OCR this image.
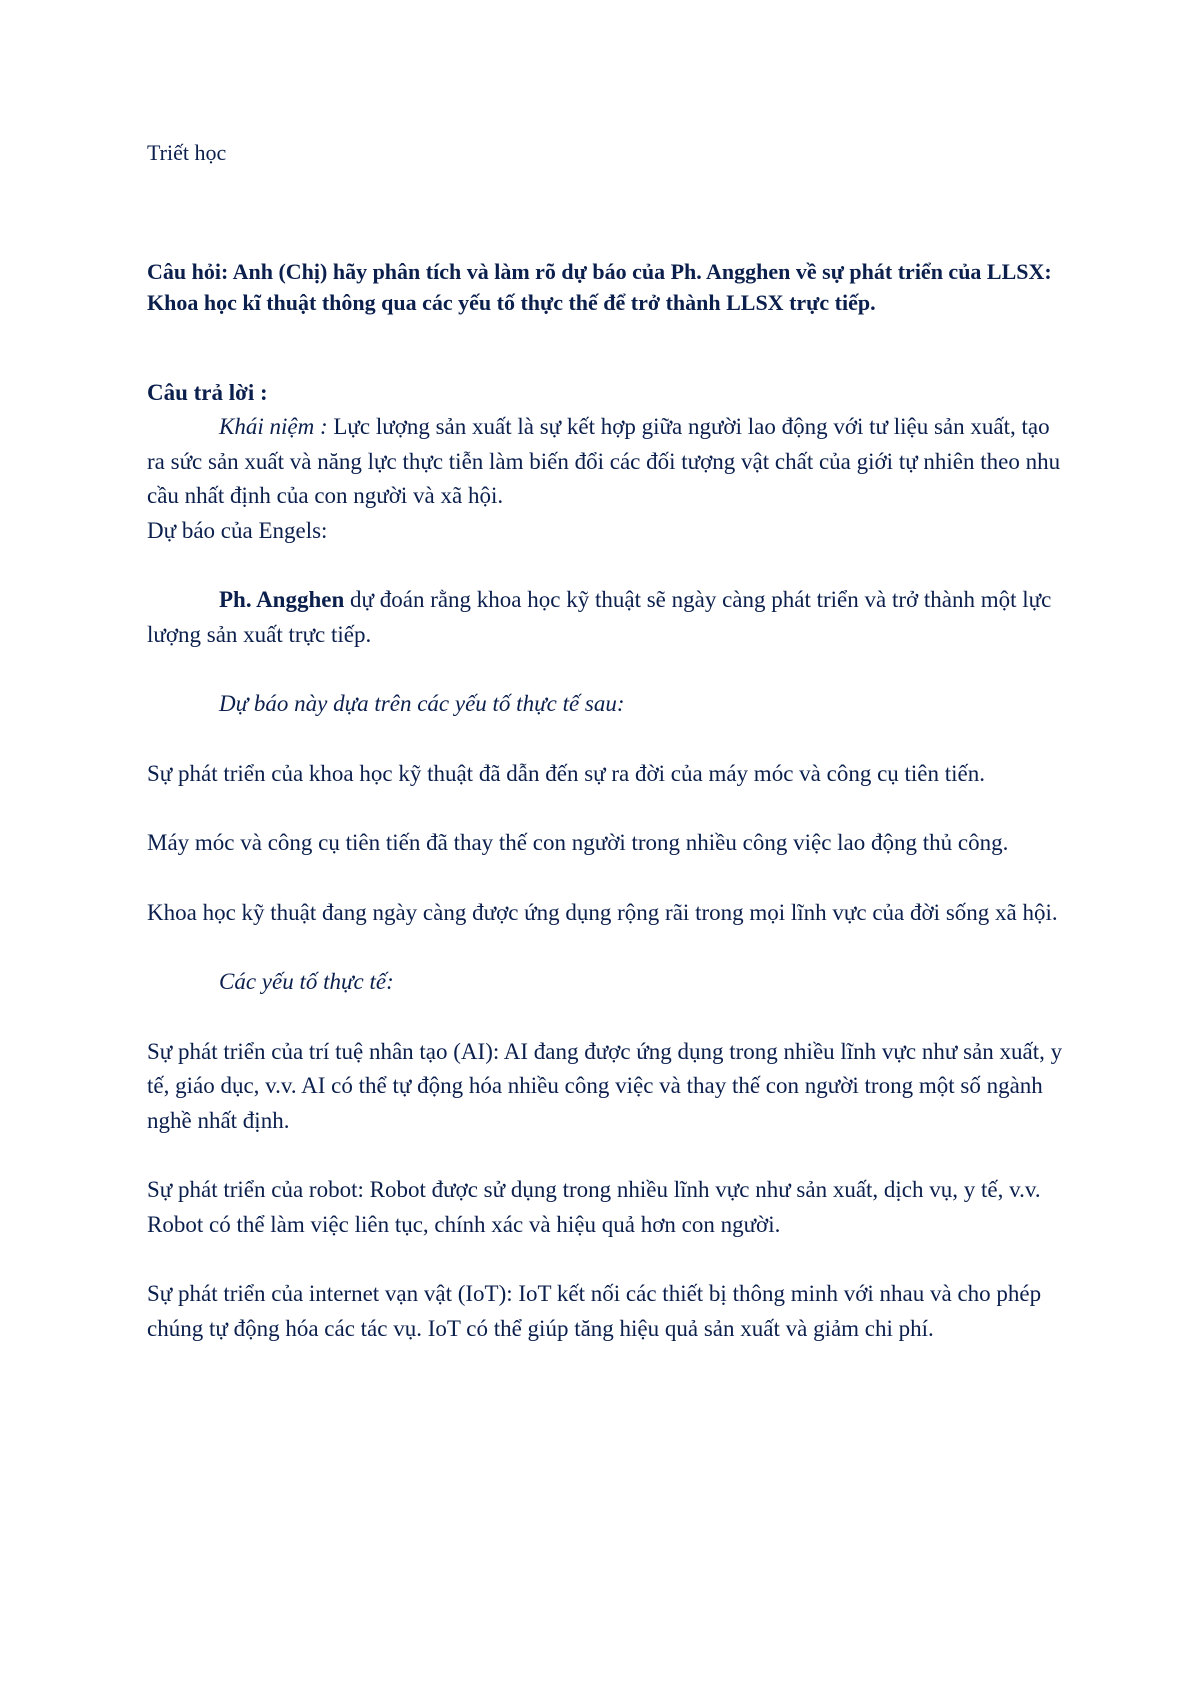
Triết học
Câu hỏi: Anh (Chị) hãy phân tích và làm rõ dự báo của Ph. Angghen về sự phát triển của LLSX: Khoa học kĩ thuật thông qua các yếu tố thực thế để trở thành LLSX trực tiếp.
Câu trả lời :

Khái niệm : Lực lượng sản xuất là sự kết hợp giữa người lao động với tư liệu sản xuất, tạo ra sức sản xuất và năng lực thực tiễn làm biến đổi các đối tượng vật chất của giới tự nhiên theo nhu cầu nhất định của con người và xã hội.

Dự báo của Engels:

Ph. Angghen dự đoán rằng khoa học kỹ thuật sẽ ngày càng phát triển và trở thành một lực lượng sản xuất trực tiếp.

Dự báo này dựa trên các yếu tố thực tế sau:

Sự phát triển của khoa học kỹ thuật đã dẫn đến sự ra đời của máy móc và công cụ tiên tiến.

Máy móc và công cụ tiên tiến đã thay thế con người trong nhiều công việc lao động thủ công.

Khoa học kỹ thuật đang ngày càng được ứng dụng rộng rãi trong mọi lĩnh vực của đời sống xã hội.

Các yếu tố thực tế:

Sự phát triển của trí tuệ nhân tạo (AI): AI đang được ứng dụng trong nhiều lĩnh vực như sản xuất, y tế, giáo dục, v.v. AI có thể tự động hóa nhiều công việc và thay thế con người trong một số ngành nghề nhất định.

Sự phát triển của robot: Robot được sử dụng trong nhiều lĩnh vực như sản xuất, dịch vụ, y tế, v.v. Robot có thể làm việc liên tục, chính xác và hiệu quả hơn con người.

Sự phát triển của internet vạn vật (IoT): IoT kết nối các thiết bị thông minh với nhau và cho phép chúng tự động hóa các tác vụ. IoT có thể giúp tăng hiệu quả sản xuất và giảm chi phí.
